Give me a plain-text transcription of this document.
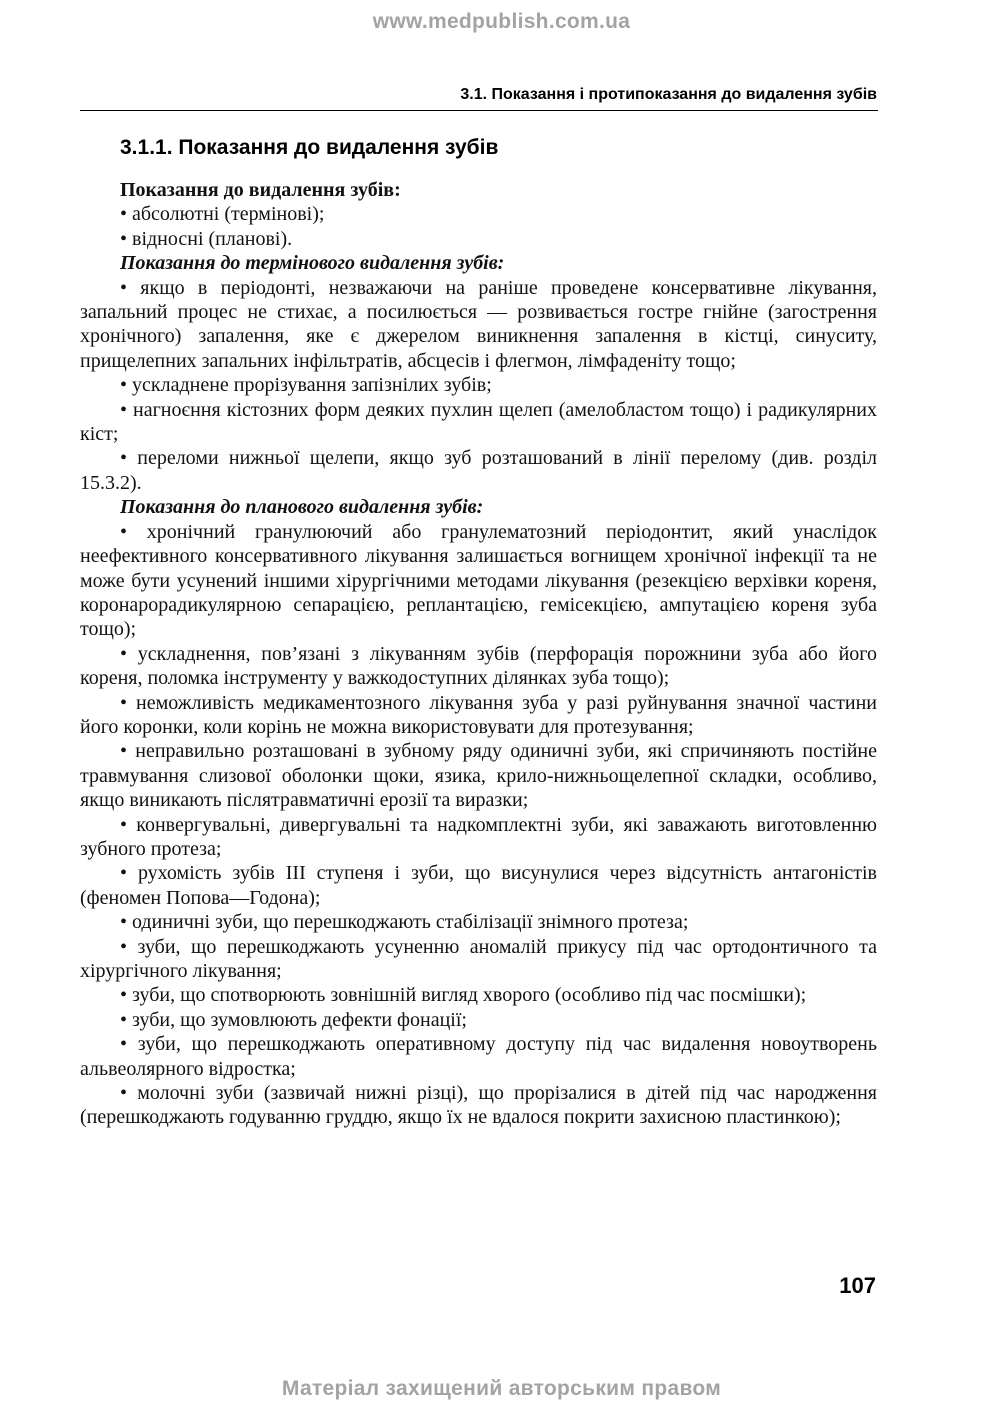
www.medpublish.com.ua
3.1. Показання і протипоказання до видалення зубів
3.1.1. Показання до видалення зубів

Показання до видалення зубів:

• абсолютні (термінові);

• відносні (планові).

Показання до термінового видалення зубів:

• якщо в періодонті, незважаючи на раніше проведене консервативне лікування, запальний процес не стихає, а посилюється — розвивається гостре гнійне (загострення хронічного) запалення, яке є джерелом виникнення запалення в кістці, синуситу, прищелепних запальних інфільтратів, абсцесів і флегмон, лімфаденіту тощо;

• ускладнене прорізування запізнілих зубів;

• нагноєння кістозних форм деяких пухлин щелеп (амелобластом тощо) і радикулярних кіст;

• переломи нижньої щелепи, якщо зуб розташований в лінії перелому (див. розділ 15.3.2).

Показання до планового видалення зубів:

• хронічний гранулюючий або гранулематозний періодонтит, який унаслідок неефективного консервативного лікування залишається вогнищем хронічної інфекції та не може бути усунений іншими хірургічними методами лікування (резекцією верхівки кореня, коронарорадикулярною сепарацією, реплантацією, гемісекцією, ампутацією кореня зуба тощо);

• ускладнення, пов’язані з лікуванням зубів (перфорація порожнини зуба або його кореня, поломка інструменту у важкодоступних ділянках зуба тощо);

• неможливість медикаментозного лікування зуба у разі руйнування значної частини його коронки, коли корінь не можна використовувати для протезування;

• неправильно розташовані в зубному ряду одиничні зуби, які спричиняють постійне травмування слизової оболонки щоки, язика, крило-нижньощелепної складки, особливо, якщо виникають післятравматичні ерозії та виразки;

• конвергувальні, дивергувальні та надкомплектні зуби, які заважають виготовленню зубного протеза;

• рухомість зубів III ступеня і зуби, що висунулися через відсутність антагоністів (феномен Попова—Годона);

• одиничні зуби, що перешкоджають стабілізації знімного протеза;

• зуби, що перешкоджають усуненню аномалій прикусу під час ортодонтичного та хірургічного лікування;

• зуби, що спотворюють зовнішній вигляд хворого (особливо під час посмішки);

• зуби, що зумовлюють дефекти фонації;

• зуби, що перешкоджають оперативному доступу під час видалення новоутворень альвеолярного відростка;

• молочні зуби (зазвичай нижні різці), що прорізалися в дітей під час народження (перешкоджають годуванню груддю, якщо їх не вдалося покрити захисною пластинкою);

107
Матеріал захищений авторським правом
